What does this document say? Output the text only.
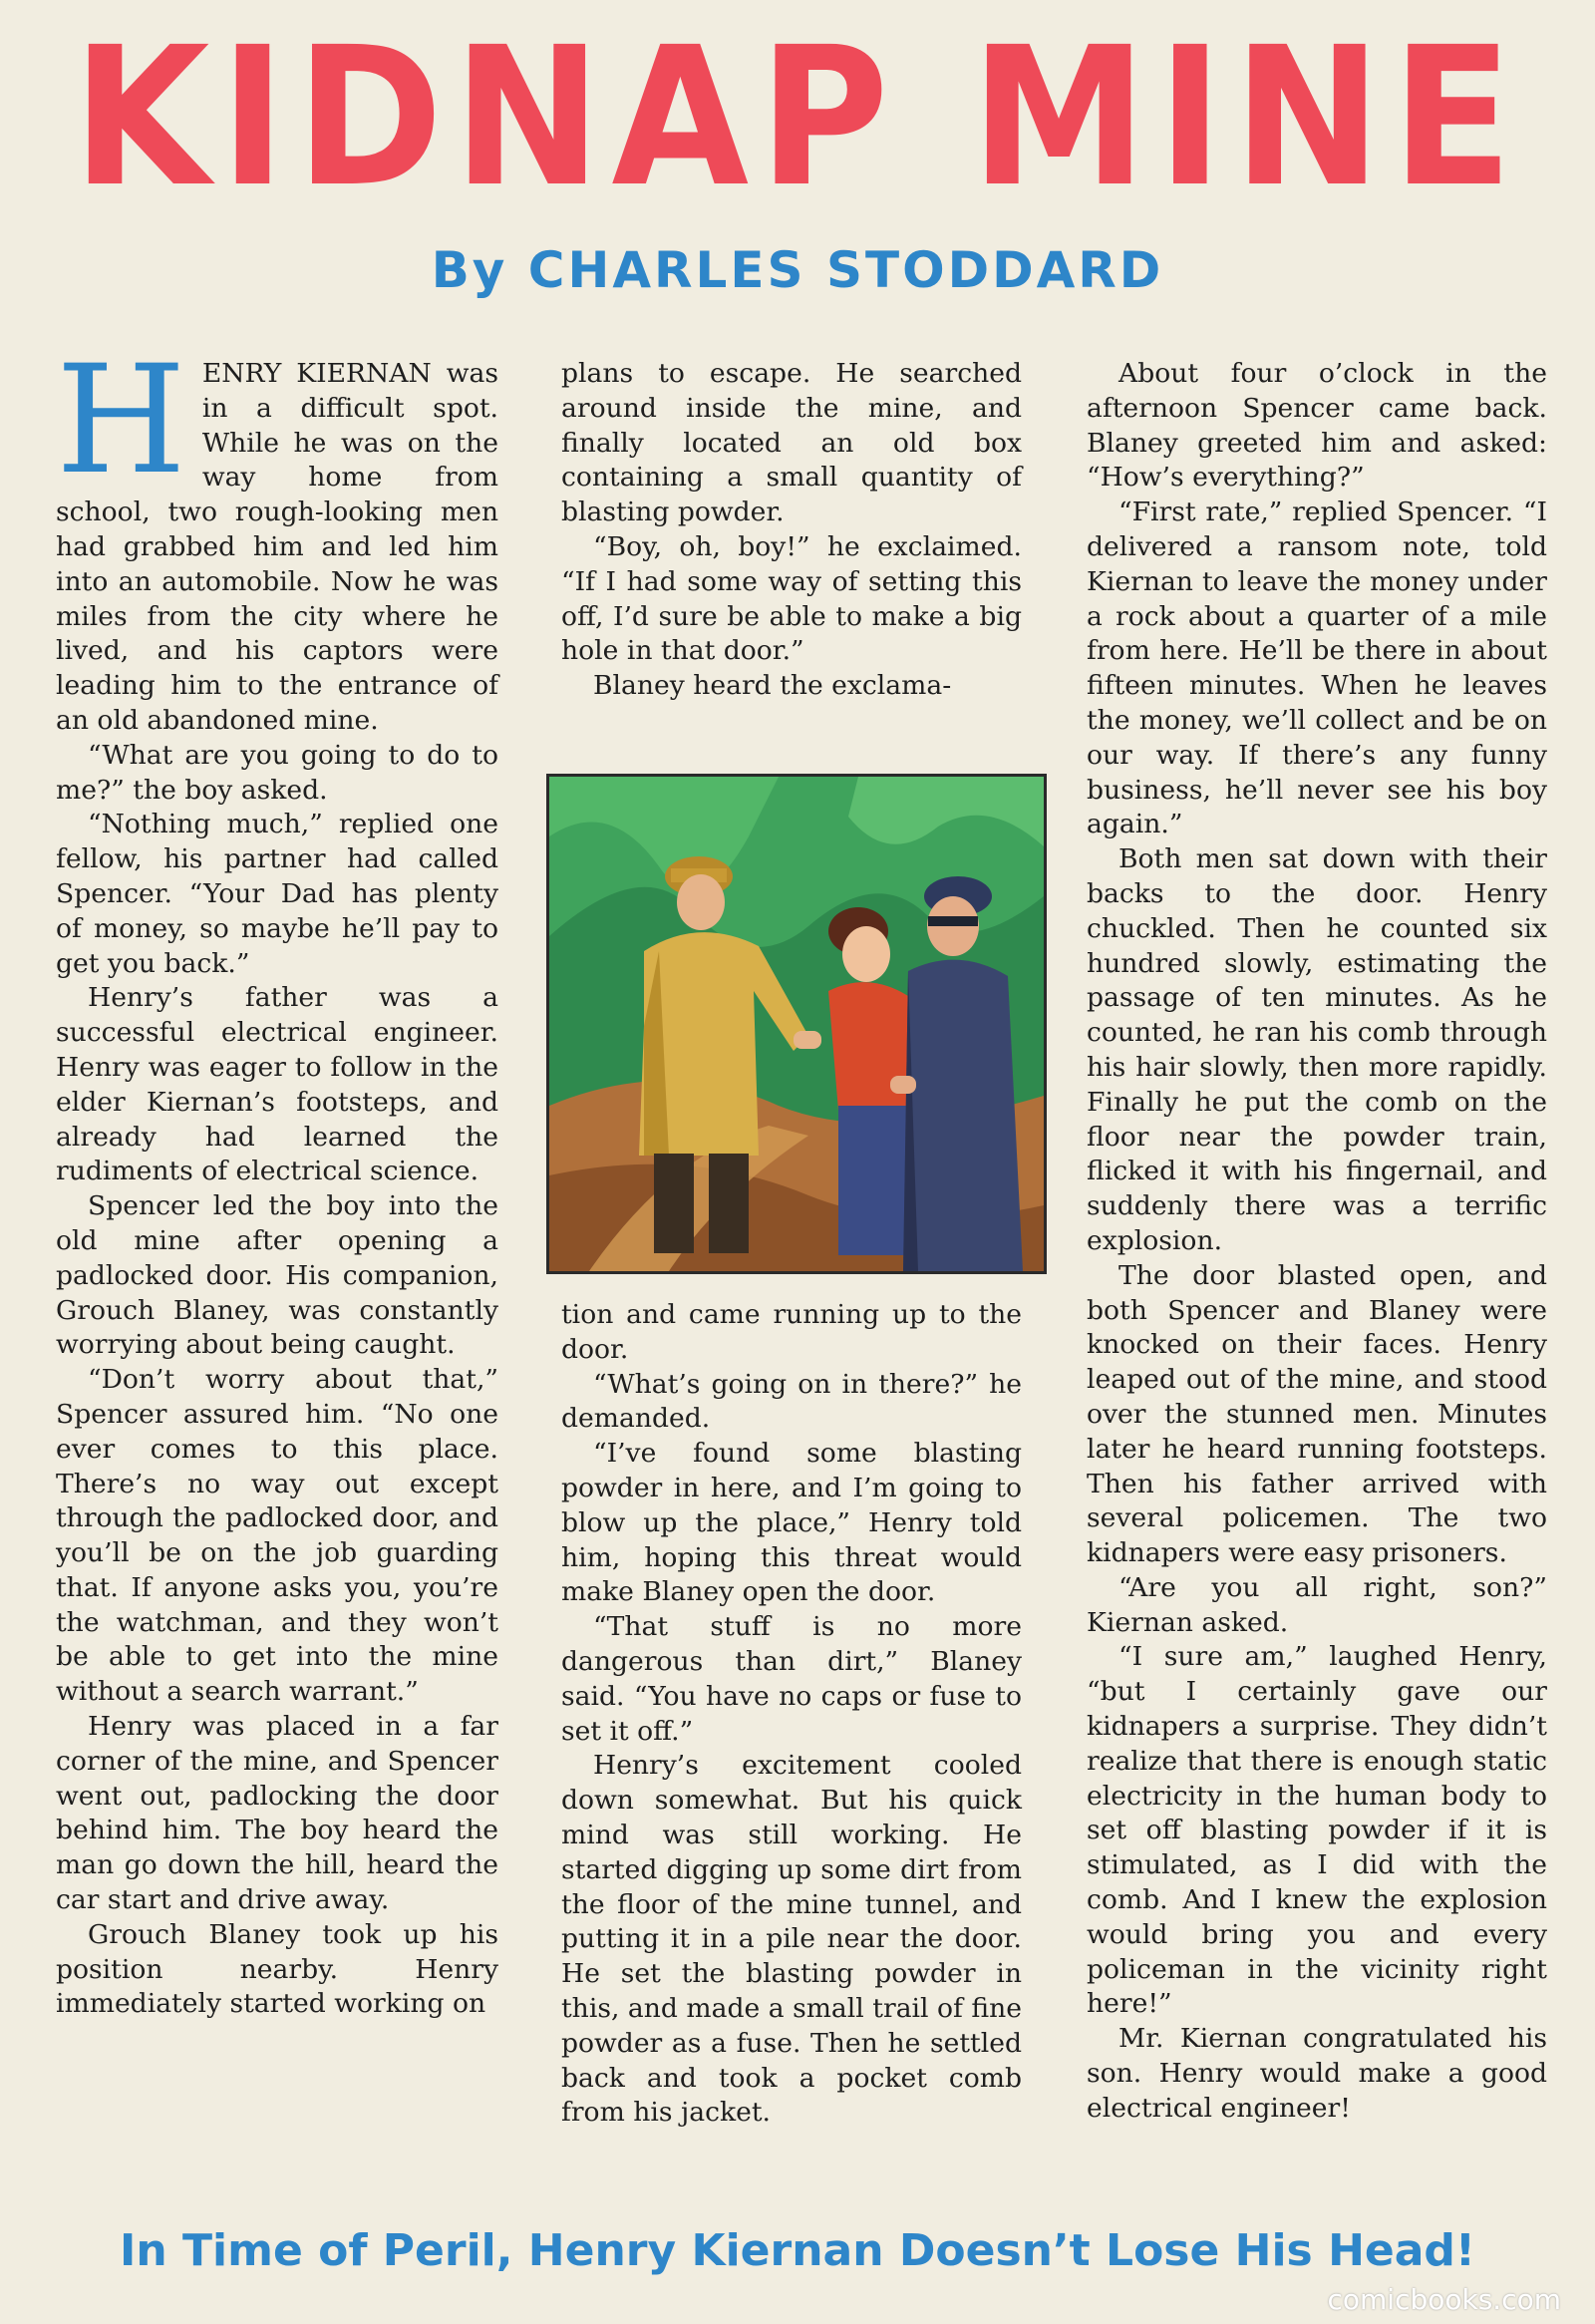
KIDNAP MINE
By CHARLES STODDARD
H ENRY KIERNAN was in a difficult spot. While he was on the way home from school, two rough-looking men had grabbed him and led him into an automobile. Now he was miles from the city where he lived, and his captors were leading him to the entrance of an old abandoned mine.

“What are you going to do to me?” the boy asked.

“Nothing much,” replied one fellow, his partner had called Spencer. “Your Dad has plenty of money, so maybe he’ll pay to get you back.”

Henry’s father was a successful electrical engineer. Henry was eager to follow in the elder Kiernan’s footsteps, and already had learned the rudiments of electrical science.

Spencer led the boy into the old mine after opening a padlocked door. His companion, Grouch Blaney, was constantly worrying about being caught.

“Don’t worry about that,” Spencer assured him. “No one ever comes to this place. There’s no way out except through the padlocked door, and you’ll be on the job guarding that. If anyone asks you, you’re the watchman, and they won’t be able to get into the mine without a search warrant.”

Henry was placed in a far corner of the mine, and Spencer went out, padlocking the door behind him. The boy heard the man go down the hill, heard the car start and drive away.

Grouch Blaney took up his position nearby. Henry immediately started working on

plans to escape. He searched around inside the mine, and finally located an old box containing a small quantity of blasting powder.

“Boy, oh, boy!” he exclaimed. “If I had some way of setting this off, I’d sure be able to make a big hole in that door.”

Blaney heard the exclama-

tion and came running up to the door.

“What’s going on in there?” he demanded.

“I’ve found some blasting powder in here, and I’m going to blow up the place,” Henry told him, hoping this threat would make Blaney open the door.

“That stuff is no more dangerous than dirt,” Blaney said. “You have no caps or fuse to set it off.”

Henry’s excitement cooled down somewhat. But his quick mind was still working. He started digging up some dirt from the floor of the mine tunnel, and putting it in a pile near the door. He set the blasting powder in this, and made a small trail of fine powder as a fuse. Then he settled back and took a pocket comb from his jacket.

About four o’clock in the afternoon Spencer came back. Blaney greeted him and asked: “How’s everything?”

“First rate,” replied Spencer. “I delivered a ransom note, told Kiernan to leave the money under a rock about a quarter of a mile from here. He’ll be there in about fifteen minutes. When he leaves the money, we’ll collect and be on our way. If there’s any funny business, he’ll never see his boy again.”

Both men sat down with their backs to the door. Henry chuckled. Then he counted six hundred slowly, estimating the passage of ten minutes. As he counted, he ran his comb through his hair slowly, then more rapidly. Finally he put the comb on the floor near the powder train, flicked it with his fingernail, and suddenly there was a terrific explosion.

The door blasted open, and both Spencer and Blaney were knocked on their faces. Henry leaped out of the mine, and stood over the stunned men. Minutes later he heard running footsteps. Then his father arrived with several policemen. The two kidnapers were easy prisoners.

“Are you all right, son?” Kiernan asked.

“I sure am,” laughed Henry, “but I certainly gave our kidnapers a surprise. They didn’t realize that there is enough static electricity in the human body to set off blasting powder if it is stimulated, as I did with the comb. And I knew the explosion would bring you and every policeman in the vicinity right here!”

Mr. Kiernan congratulated his son. Henry would make a good electrical engineer!

In Time of Peril, Henry Kiernan Doesn’t Lose His Head!
comicbooks.com
